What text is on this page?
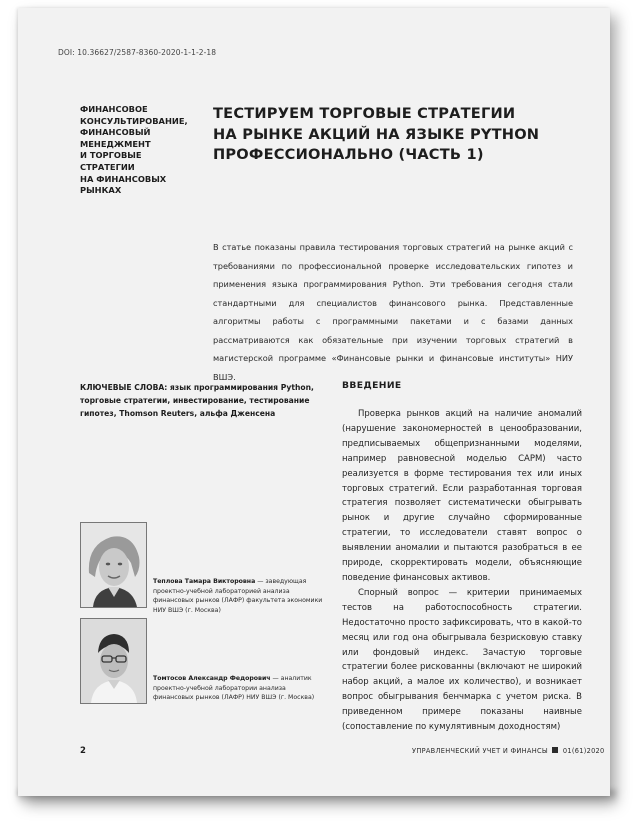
DOI: 10.36627/2587-8360-2020-1-1-2-18
ФИНАНСОВОЕ
КОНСУЛЬТИРОВАНИЕ,
ФИНАНСОВЫЙ
МЕНЕДЖМЕНТ
И ТОРГОВЫЕ СТРАТЕГИИ
НА ФИНАНСОВЫХ
РЫНКАХ
ТЕСТИРУЕМ ТОРГОВЫЕ СТРАТЕГИИ
НА РЫНКЕ АКЦИЙ НА ЯЗЫКЕ PYTHON
ПРОФЕССИОНАЛЬНО (ЧАСТЬ 1)
В статье показаны правила тестирования торговых стратегий на рынке акций с требованиями по профессиональной проверке исследовательских гипотез и применения языка программирования Python. Эти требования сегодня стали стандартными для специалистов финансового рынка. Представленные алгоритмы работы с программными пакетами и с базами данных рассматриваются как обязательные при изучении торговых стратегий в магистерской программе «Финансовые рынки и финансовые институты» НИУ ВШЭ.
КЛЮЧЕВЫЕ СЛОВА: язык программирования Python, торговые стратегии, инвестирование, тестирование гипотез, Thomson Reuters, альфа Дженсена
ВВЕДЕНИЕ

Проверка рынков акций на наличие аномалий (нарушение закономерностей в ценообразовании, предписываемых общепризнанными моделями, например равновесной моделью CAPM) часто реализуется в форме тестирования тех или иных торговых стратегий. Если разработанная торговая стратегия позволяет систематически обыгрывать рынок и другие случайно сформированные стратегии, то исследователи ставят вопрос о выявлении аномалии и пытаются разобраться в ее природе, скорректировать модели, объясняющие поведение финансовых активов.

Спорный вопрос — критерии принимаемых тестов на работоспособность стратегии. Недостаточно просто зафиксировать, что в какой-то месяц или год она обыгрывала безрисковую ставку или фондовый индекс. Зачастую торговые стратегии более рискованны (включают не широкий набор акций, а малое их количество), и возникает вопрос обыгрывания бенчмарка с учетом риска. В приведенном примере показаны наивные (сопоставление по кумулятивным доходностям)

Теплова Тамара Викторовна — заведующая проектно-учебной лабораторией анализа финансовых рынков (ЛАФР) факультета экономики НИУ ВШЭ (г. Москва)
Томтосов Александр Федорович — аналитик проектно-учебной лаборатории анализа финансовых рынков (ЛАФР) НИУ ВШЭ (г. Москва)
2	УПРАВЛЕНЧЕСКИЙ УЧЕТ И ФИНАНСЫ 01(61)2020
